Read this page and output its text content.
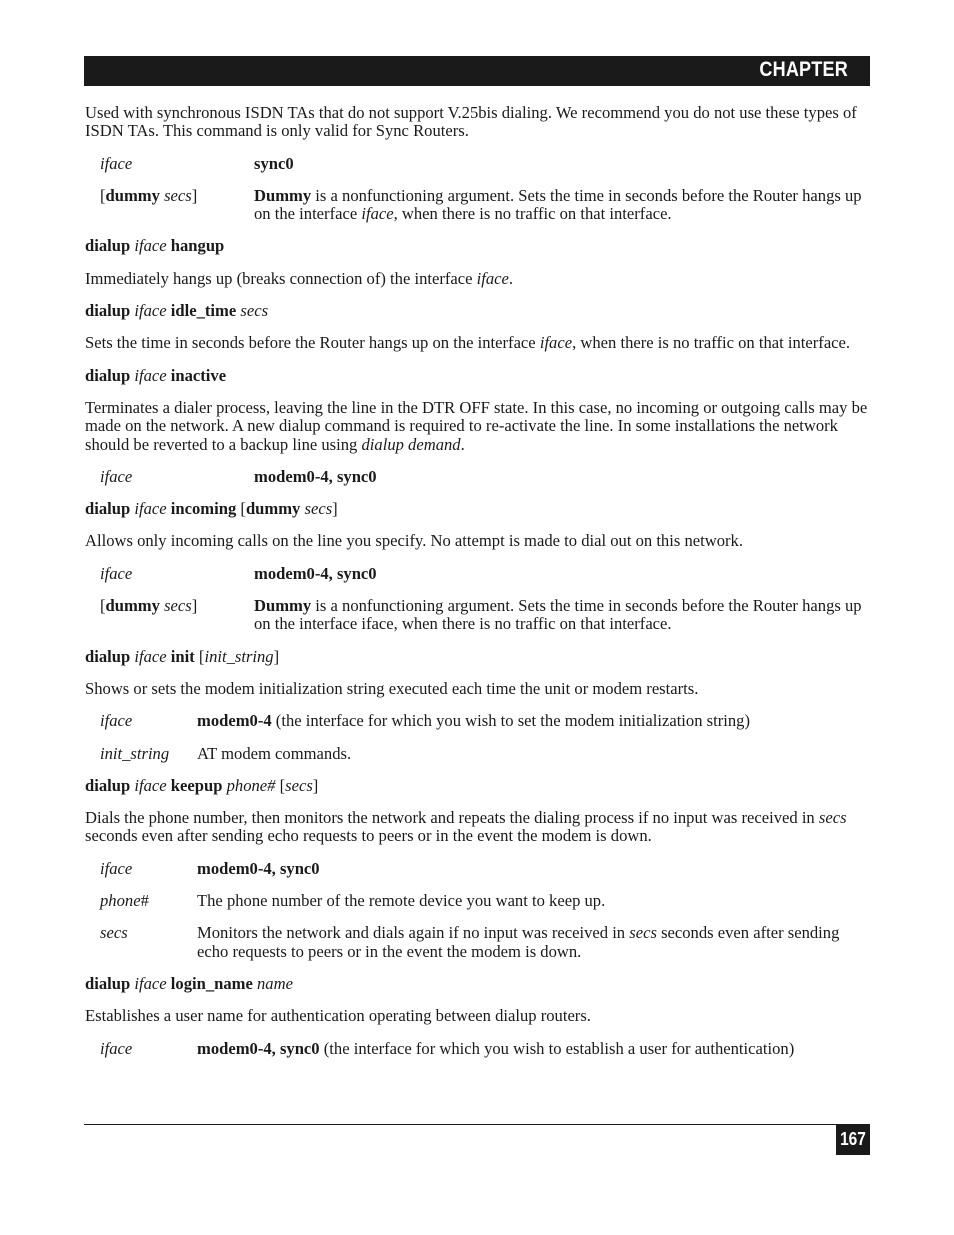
CHAPTER

Used with synchronous ISDN TAs that do not support V.25bis dialing. We recommend you do not use these types of ISDN TAs. This command is only valid for Sync Routers.

iface	sync0
[dummy secs]	Dummy is a nonfunctioning argument. Sets the time in seconds before the Router hangs up on the interface iface, when there is no traffic on that interface.

dialup iface hangup

Immediately hangs up (breaks connection of) the interface iface.

dialup iface idle_time secs

Sets the time in seconds before the Router hangs up on the interface iface, when there is no traffic on that interface.

dialup iface inactive

Terminates a dialer process, leaving the line in the DTR OFF state. In this case, no incoming or outgoing calls may be made on the network. A new dialup command is required to re-activate the line. In some installations the network should be reverted to a backup line using dialup demand.

iface	modem0-4, sync0

dialup iface incoming [dummy secs]

Allows only incoming calls on the line you specify. No attempt is made to dial out on this network.

iface	modem0-4, sync0
[dummy secs]	Dummy is a nonfunctioning argument. Sets the time in seconds before the Router hangs up on the interface iface, when there is no traffic on that interface.

dialup iface init [init_string]

Shows or sets the modem initialization string executed each time the unit or modem restarts.

iface	modem0-4 (the interface for which you wish to set the modem initialization string)
init_string	AT modem commands.

dialup iface keepup phone# [secs]

Dials the phone number, then monitors the network and repeats the dialing process if no input was received in secs seconds even after sending echo requests to peers or in the event the modem is down.

iface	modem0-4, sync0
phone#	The phone number of the remote device you want to keep up.
secs	Monitors the network and dials again if no input was received in secs seconds even after sending echo requests to peers or in the event the modem is down.

dialup iface login_name name

Establishes a user name for authentication operating between dialup routers.

iface	modem0-4, sync0 (the interface for which you wish to establish a user for authentication)
167
